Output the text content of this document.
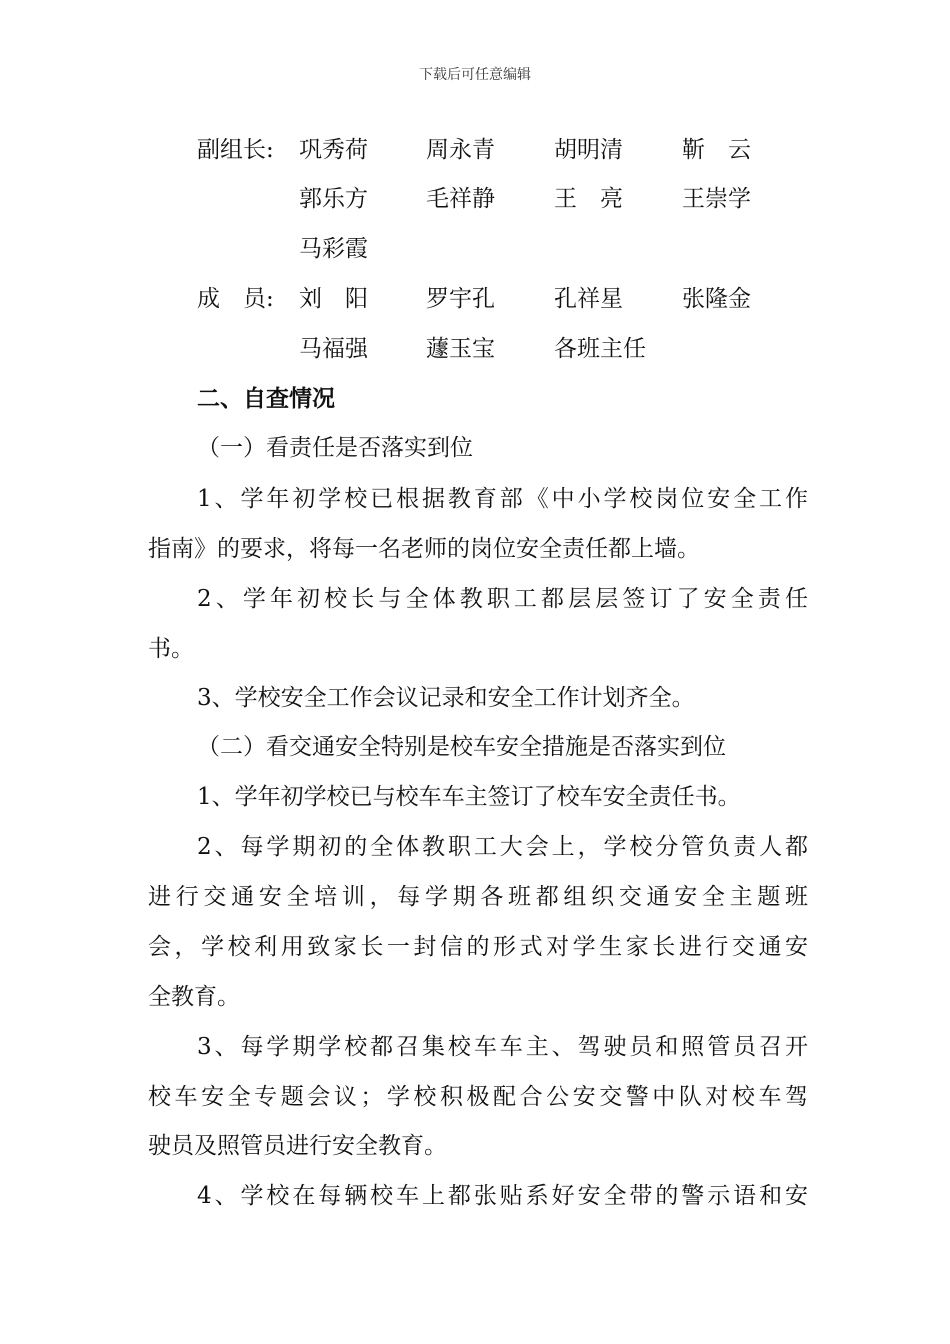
下载后可任意编辑
副组长: 巩秀荷	周永青	胡明清	靳　云
郭乐方	毛祥静	王　亮	王崇学
马彩霞
成　员: 刘　阳	罗宇孔	孔祥星	张隆金
马福强	蘧玉宝	各班主任
二、自查情况
（一）看责任是否落实到位
1、学年初学校已根据教育部《中小学校岗位安全工作
指南》的要求，将每一名老师的岗位安全责任都上墙。
2、学年初校长与全体教职工都层层签订了安全责任
书。
3、学校安全工作会议记录和安全工作计划齐全。
（二）看交通安全特别是校车安全措施是否落实到位
1、学年初学校已与校车车主签订了校车安全责任书。
2、每学期初的全体教职工大会上，学校分管负责人都
进行交通安全培训，每学期各班都组织交通安全主题班
会，学校利用致家长一封信的形式对学生家长进行交通安
全教育。
3、每学期学校都召集校车车主、驾驶员和照管员召开
校车安全专题会议；学校积极配合公安交警中队对校车驾
驶员及照管员进行安全教育。
4、学校在每辆校车上都张贴系好安全带的警示语和安
